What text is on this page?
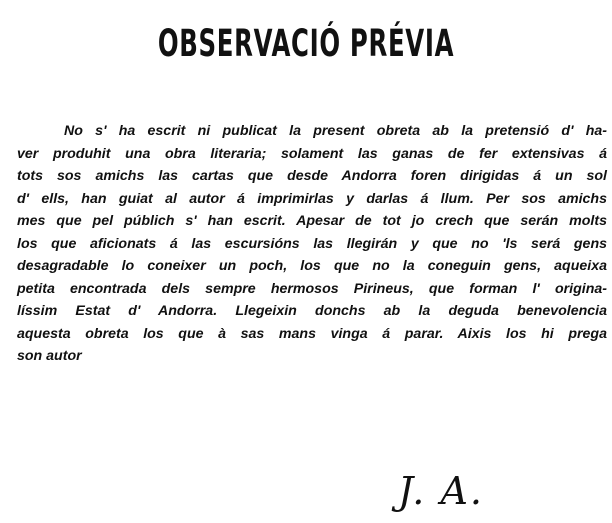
OBSERVACIÓ PRÉVIA
No s' ha escrit ni publicat la present obreta ab la pretensió d' ha-
ver produhit una obra literaria; solament las ganas de fer extensivas á
tots sos amichs las cartas que desde Andorra foren dirigidas á un sol
d' ells, han guiat al autor á imprimirlas y darlas á llum. Per sos amichs
mes que pel públich s' han escrit. Apesar de tot jo crech que serán molts
los que aficionats á las escursións las llegirán y que no 'ls será gens
desagradable lo coneixer un poch, los que no la coneguin gens, aqueixa
petita encontrada dels sempre hermosos Pirineus, que forman l' origina-
líssim Estat d' Andorra. Llegeixin donchs ab la deguda benevolencia
aquesta obreta los que à sas mans vinga á parar. Aixis los hi prega
son autor
J. A.
